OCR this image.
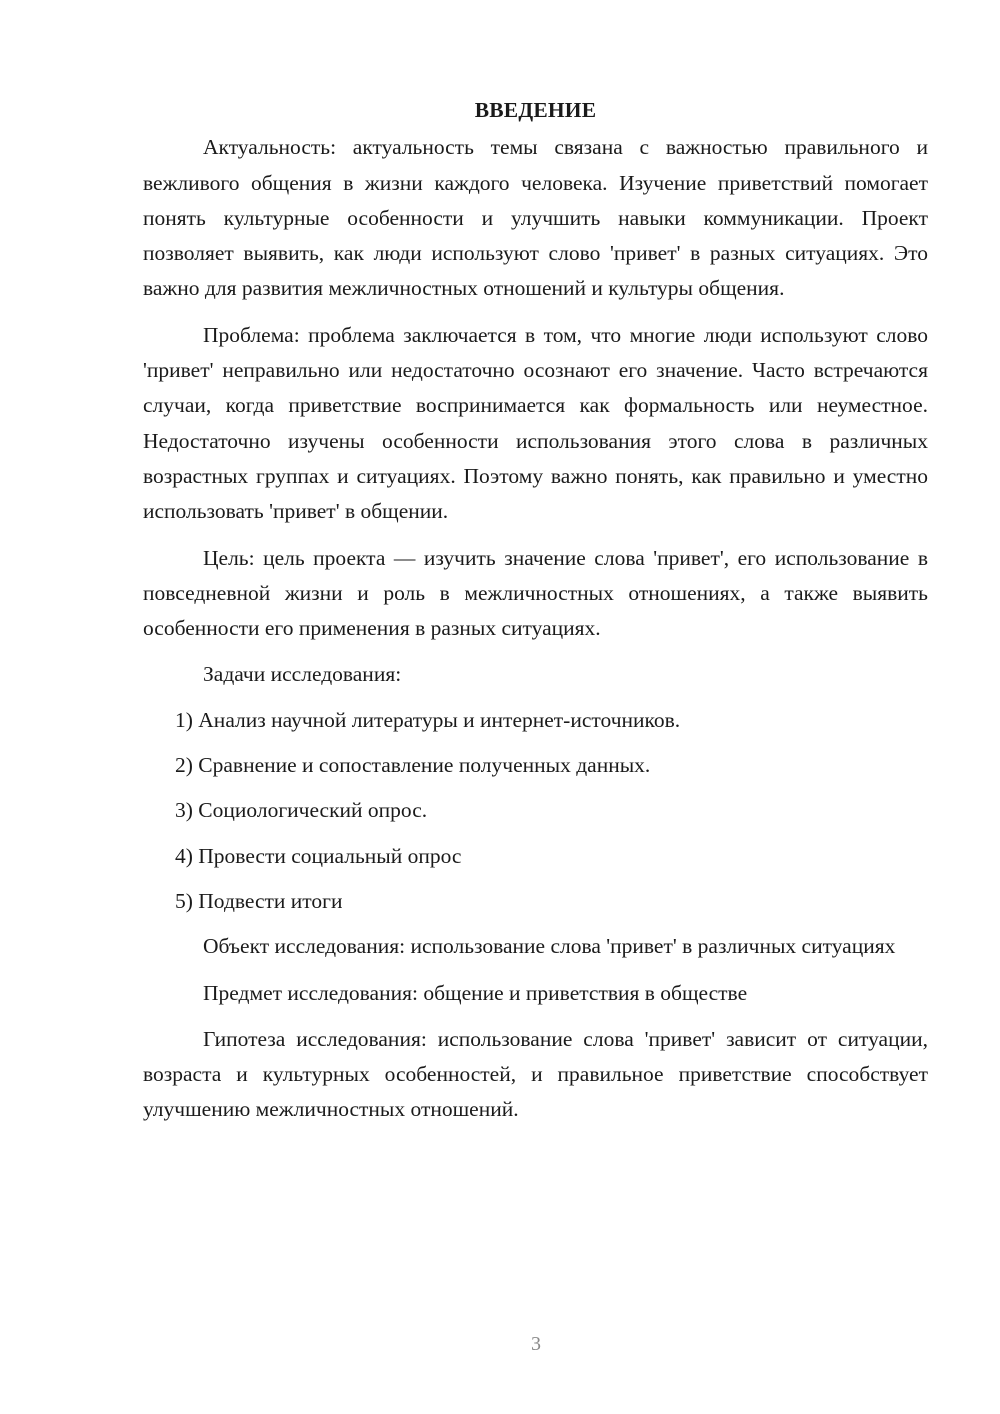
ВВЕДЕНИЕ

Актуальность: актуальность темы связана с важностью правильного и вежливого общения в жизни каждого человека. Изучение приветствий помогает понять культурные особенности и улучшить навыки коммуникации. Проект позволяет выявить, как люди используют слово 'привет' в разных ситуациях. Это важно для развития межличностных отношений и культуры общения.

Проблема: проблема заключается в том, что многие люди используют слово 'привет' неправильно или недостаточно осознают его значение. Часто встречаются случаи, когда приветствие воспринимается как формальность или неуместное. Недостаточно изучены особенности использования этого слова в различных возрастных группах и ситуациях. Поэтому важно понять, как правильно и уместно использовать 'привет' в общении.

Цель: цель проекта — изучить значение слова 'привет', его использование в повседневной жизни и роль в межличностных отношениях, а также выявить особенности его применения в разных ситуациях.

Задачи исследования:
1) Анализ научной литературы и интернет-источников.
2) Сравнение и сопоставление полученных данных.
3) Социологический опрос.
4) Провести социальный опрос
5) Подвести итоги

Объект исследования: использование слова 'привет' в различных ситуациях

Предмет исследования: общение и приветствия в обществе

Гипотеза исследования: использование слова 'привет' зависит от ситуации, возраста и культурных особенностей, и правильное приветствие способствует улучшению межличностных отношений.

3
